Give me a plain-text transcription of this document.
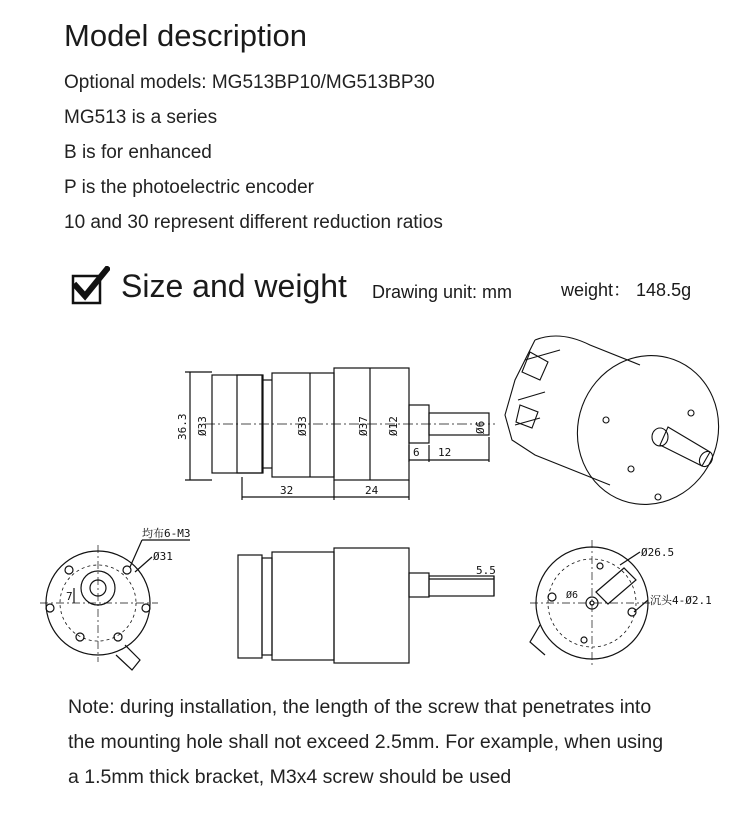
Model description
Optional models: MG513BP10/MG513BP30
MG513 is a series
B is for enhanced
P is the photoelectric encoder
10 and 30 represent different reduction ratios
Size and weight Drawing unit: mm	weight： 148.5g
36.3 Ø33	Ø33	Ø37 Ø12	Ø6
6 12
32	24
7
均布6-M3
Ø31
5.5
Ø26.5
Ø6	沉头4-Ø2.1
Note: during installation, the length of the screw that penetrates into
the mounting hole shall not exceed 2.5mm. For example, when using
a 1.5mm thick bracket, M3x4 screw should be used
